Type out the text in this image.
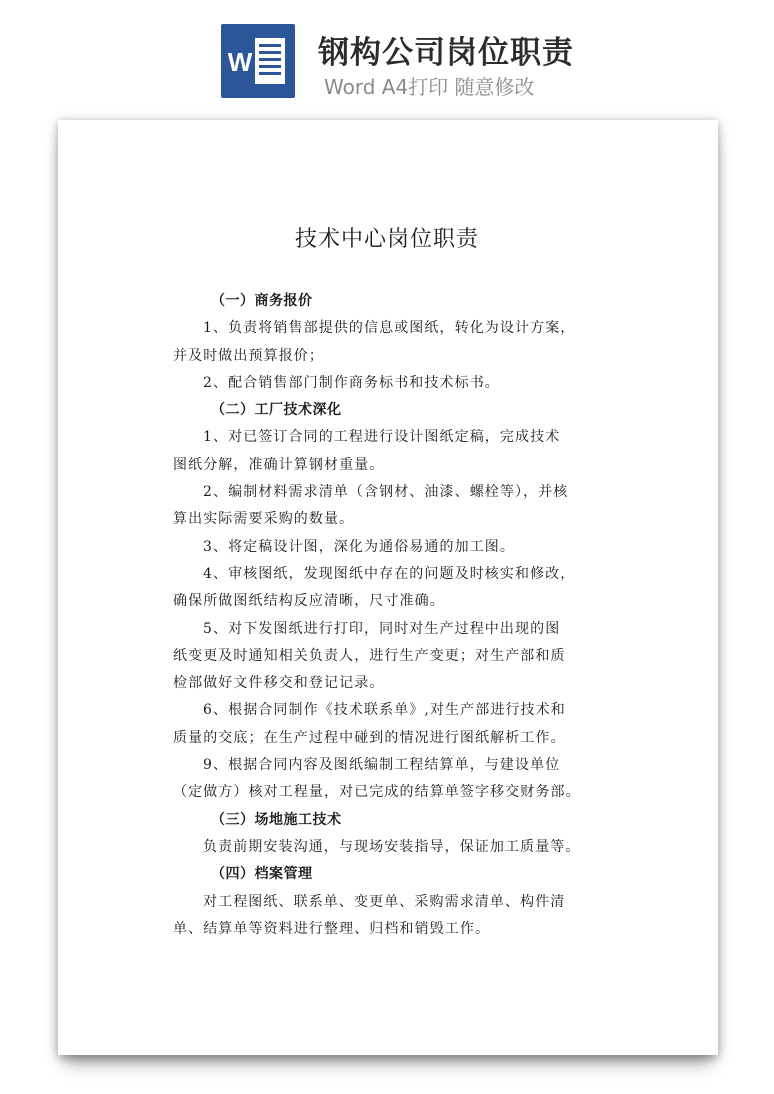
W 钢构公司岗位职责
Word A4打印 随意修改
技术中心岗位职责
（一）商务报价
1、负责将销售部提供的信息或图纸，转化为设计方案，
并及时做出预算报价；
2、配合销售部门制作商务标书和技术标书。
（二）工厂技术深化
1、对已签订合同的工程进行设计图纸定稿，完成技术
图纸分解，准确计算钢材重量。
2、编制材料需求清单（含钢材、油漆、螺栓等），并核
算出实际需要采购的数量。
3、将定稿设计图，深化为通俗易通的加工图。
4、审核图纸，发现图纸中存在的问题及时核实和修改，
确保所做图纸结构反应清晰，尺寸准确。
5、对下发图纸进行打印，同时对生产过程中出现的图
纸变更及时通知相关负责人，进行生产变更；对生产部和质
检部做好文件移交和登记记录。
6、根据合同制作《技术联系单》,对生产部进行技术和
质量的交底；在生产过程中碰到的情况进行图纸解析工作。
9、根据合同内容及图纸编制工程结算单，与建设单位
（定做方）核对工程量，对已完成的结算单签字移交财务部。
（三）场地施工技术
负责前期安装沟通，与现场安装指导，保证加工质量等。
（四）档案管理
对工程图纸、联系单、变更单、采购需求清单、构件清
单、结算单等资料进行整理、归档和销毁工作。
